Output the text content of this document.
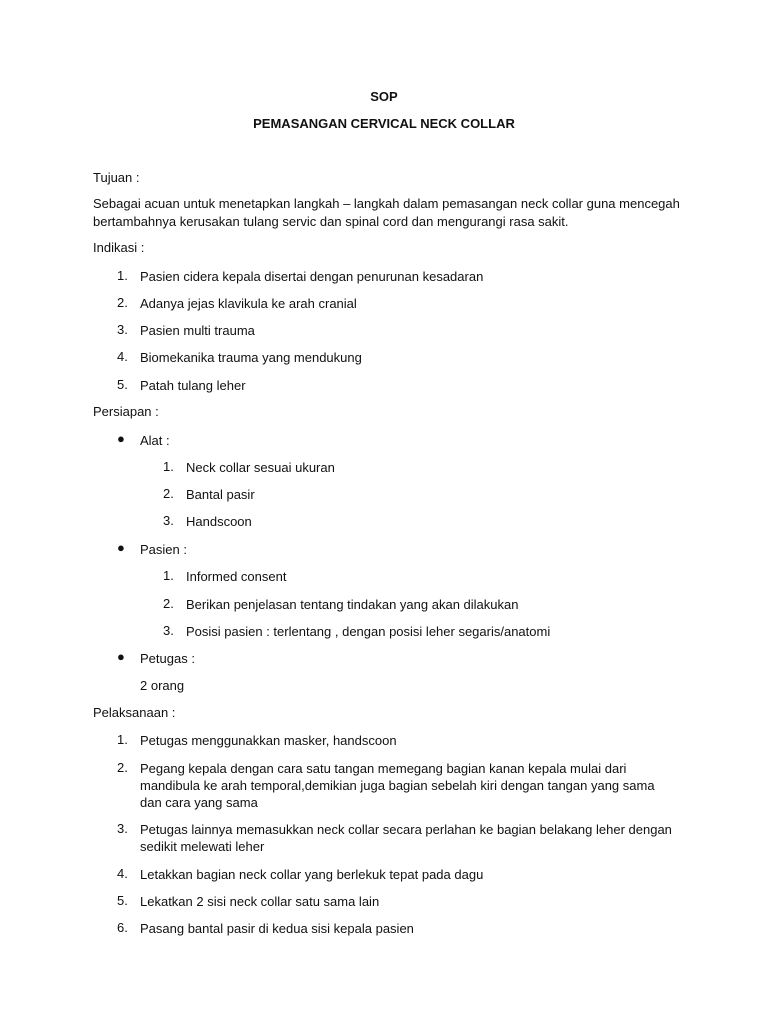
SOP
PEMASANGAN CERVICAL NECK COLLAR
Tujuan :
Sebagai acuan untuk menetapkan langkah – langkah dalam pemasangan neck collar guna mencegah
bertambahnya kerusakan tulang servic dan spinal cord dan mengurangi rasa sakit.
Indikasi :
1. Pasien cidera kepala disertai dengan penurunan kesadaran
2. Adanya jejas klavikula ke arah cranial
3. Pasien multi trauma
4. Biomekanika trauma yang mendukung
5. Patah tulang leher
Persiapan :
● Alat :
1. Neck collar sesuai ukuran
2. Bantal pasir
3. Handscoon
● Pasien :
1. Informed consent
2. Berikan penjelasan tentang tindakan yang akan dilakukan
3. Posisi pasien : terlentang , dengan posisi leher segaris/anatomi
● Petugas :
2 orang
Pelaksanaan :
1. Petugas menggunakkan masker, handscoon
2. Pegang kepala dengan cara satu tangan memegang bagian kanan kepala mulai dari
mandibula ke arah temporal,demikian juga bagian sebelah kiri dengan tangan yang sama
dan cara yang sama
3. Petugas lainnya memasukkan neck collar secara perlahan ke bagian belakang leher dengan
sedikit melewati leher
4. Letakkan bagian neck collar yang berlekuk tepat pada dagu
5. Lekatkan 2 sisi neck collar satu sama lain
6. Pasang bantal pasir di kedua sisi kepala pasien
